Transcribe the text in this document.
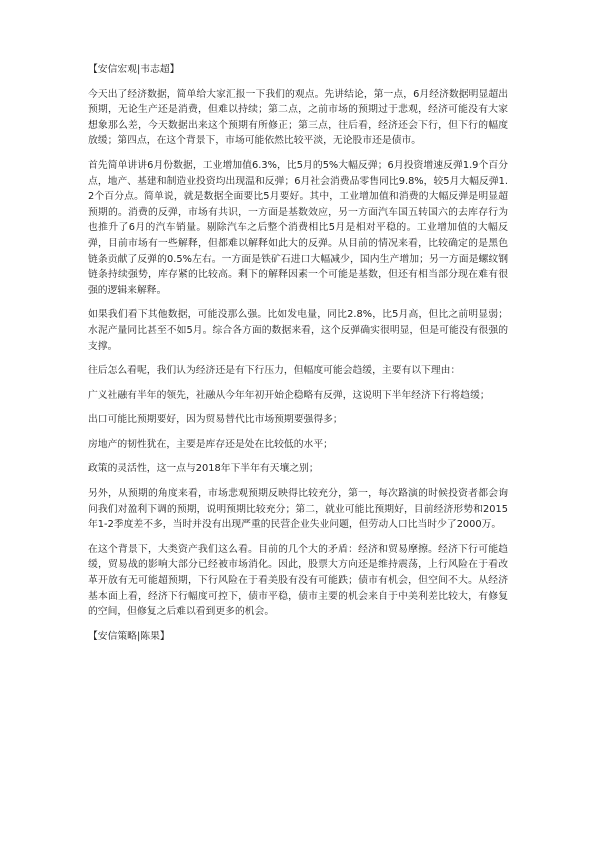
【安信宏观|韦志超】

今天出了经济数据，简单给大家汇报一下我们的观点。先讲结论，第一点，6月经济数据明显超出预期，无论生产还是消费，但难以持续；第二点，之前市场的预期过于悲观，经济可能没有大家想象那么差，今天数据出来这个预期有所修正；第三点，往后看，经济还会下行，但下行的幅度放缓；第四点，在这个背景下，市场可能依然比较平淡，无论股市还是债市。

首先简单讲讲6月份数据，工业增加值6.3%，比5月的5%大幅反弹；6月投资增速反弹1.9个百分点，地产、基建和制造业投资均出现温和反弹；6月社会消费品零售同比9.8%，较5月大幅反弹1.2个百分点。简单说，就是数据全面要比5月要好。其中，工业增加值和消费的大幅反弹是明显超预期的。消费的反弹，市场有共识，一方面是基数效应，另一方面汽车国五转国六的去库存行为也推升了6月的汽车销量。剔除汽车之后整个消费相比5月是相对平稳的。工业增加值的大幅反弹，目前市场有一些解释，但都难以解释如此大的反弹。从目前的情况来看，比较确定的是黑色链条贡献了反弹的0.5%左右。一方面是铁矿石进口大幅减少，国内生产增加；另一方面是螺纹钢链条持续强势，库存紧的比较高。剩下的解释因素一个可能是基数，但还有相当部分现在难有很强的逻辑来解释。

如果我们看下其他数据，可能没那么强。比如发电量，同比2.8%，比5月高，但比之前明显弱；水泥产量同比甚至不如5月。综合各方面的数据来看，这个反弹确实很明显，但是可能没有很强的支撑。

往后怎么看呢，我们认为经济还是有下行压力，但幅度可能会趋缓，主要有以下理由：

广义社融有半年的领先，社融从今年年初开始企稳略有反弹，这说明下半年经济下行将趋缓；

出口可能比预期要好，因为贸易替代比市场预期要强得多；

房地产的韧性犹在，主要是库存还是处在比较低的水平；

政策的灵活性，这一点与2018年下半年有天壤之别；

另外，从预期的角度来看，市场悲观预期反映得比较充分，第一，每次路演的时候投资者都会询问我们对盈利下调的预期，说明预期比较充分；第二，就业可能比预期好，目前经济形势和2015年1-2季度差不多，当时并没有出现严重的民营企业失业问题，但劳动人口比当时少了2000万。

在这个背景下，大类资产我们这么看。目前的几个大的矛盾：经济和贸易摩擦。经济下行可能趋缓，贸易战的影响大部分已经被市场消化。因此，股票大方向还是维持震荡，上行风险在于看改革开放有无可能超预期，下行风险在于看美股有没有可能跌；债市有机会，但空间不大。从经济基本面上看，经济下行幅度可控下，债市平稳，债市主要的机会来自于中美利差比较大，有修复的空间，但修复之后难以看到更多的机会。

【安信策略|陈果】
